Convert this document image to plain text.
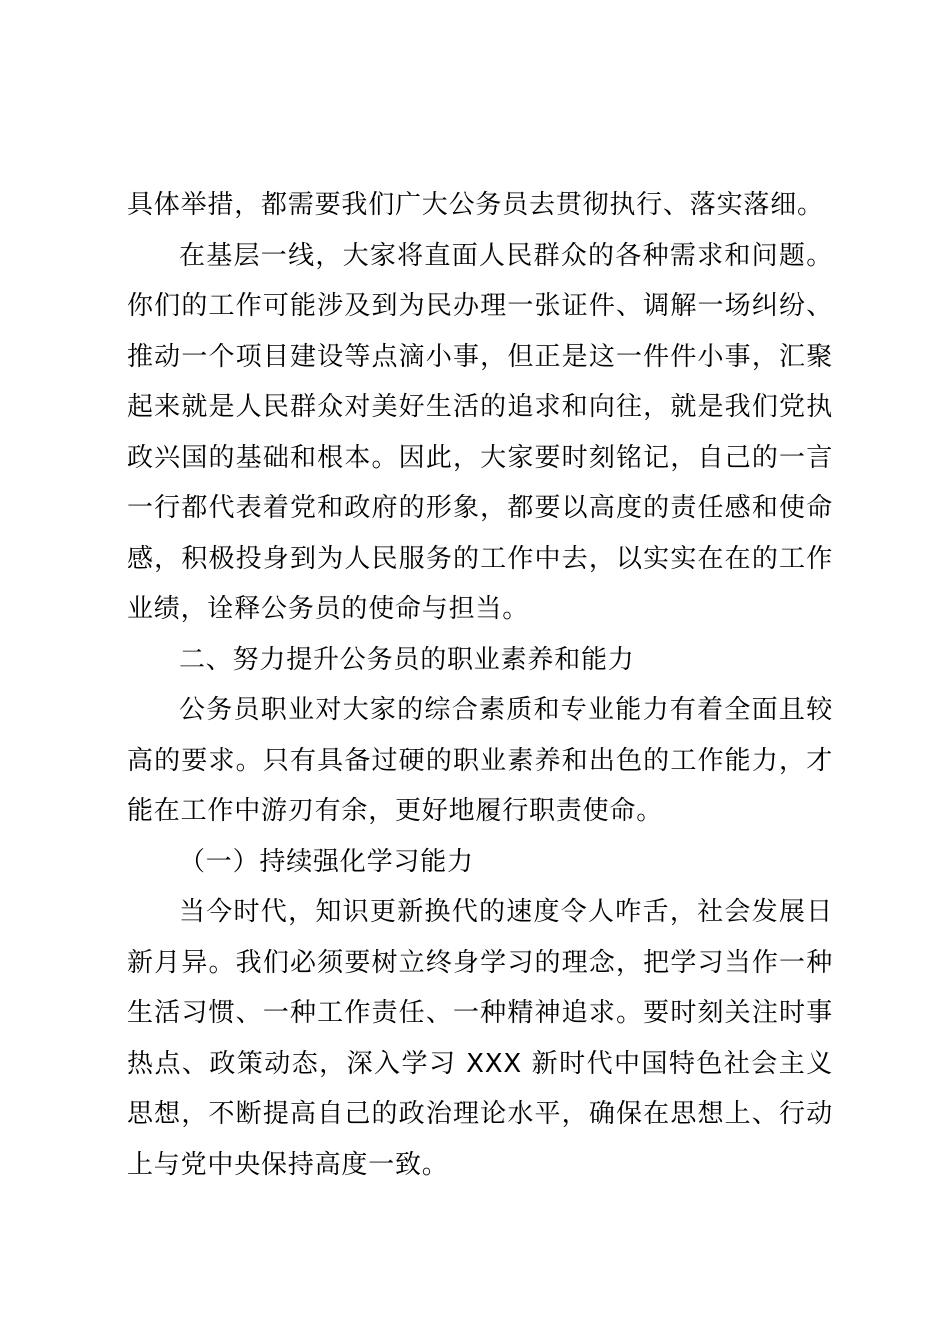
具体举措，都需要我们广大公务员去贯彻执行、落实落细。

在基层一线，大家将直面人民群众的各种需求和问题。你们的工作可能涉及到为民办理一张证件、调解一场纠纷、推动一个项目建设等点滴小事，但正是这一件件小事，汇聚起来就是人民群众对美好生活的追求和向往，就是我们党执政兴国的基础和根本。因此，大家要时刻铭记，自己的一言一行都代表着党和政府的形象，都要以高度的责任感和使命感，积极投身到为人民服务的工作中去，以实实在在的工作业绩，诠释公务员的使命与担当。

二、努力提升公务员的职业素养和能力

公务员职业对大家的综合素质和专业能力有着全面且较高的要求。只有具备过硬的职业素养和出色的工作能力，才能在工作中游刃有余，更好地履行职责使命。

（一）持续强化学习能力

当今时代，知识更新换代的速度令人咋舌，社会发展日新月异。我们必须要树立终身学习的理念，把学习当作一种生活习惯、一种工作责任、一种精神追求。要时刻关注时事热点、政策动态，深入学习 XXX 新时代中国特色社会主义思想，不断提高自己的政治理论水平，确保在思想上、行动上与党中央保持高度一致。
